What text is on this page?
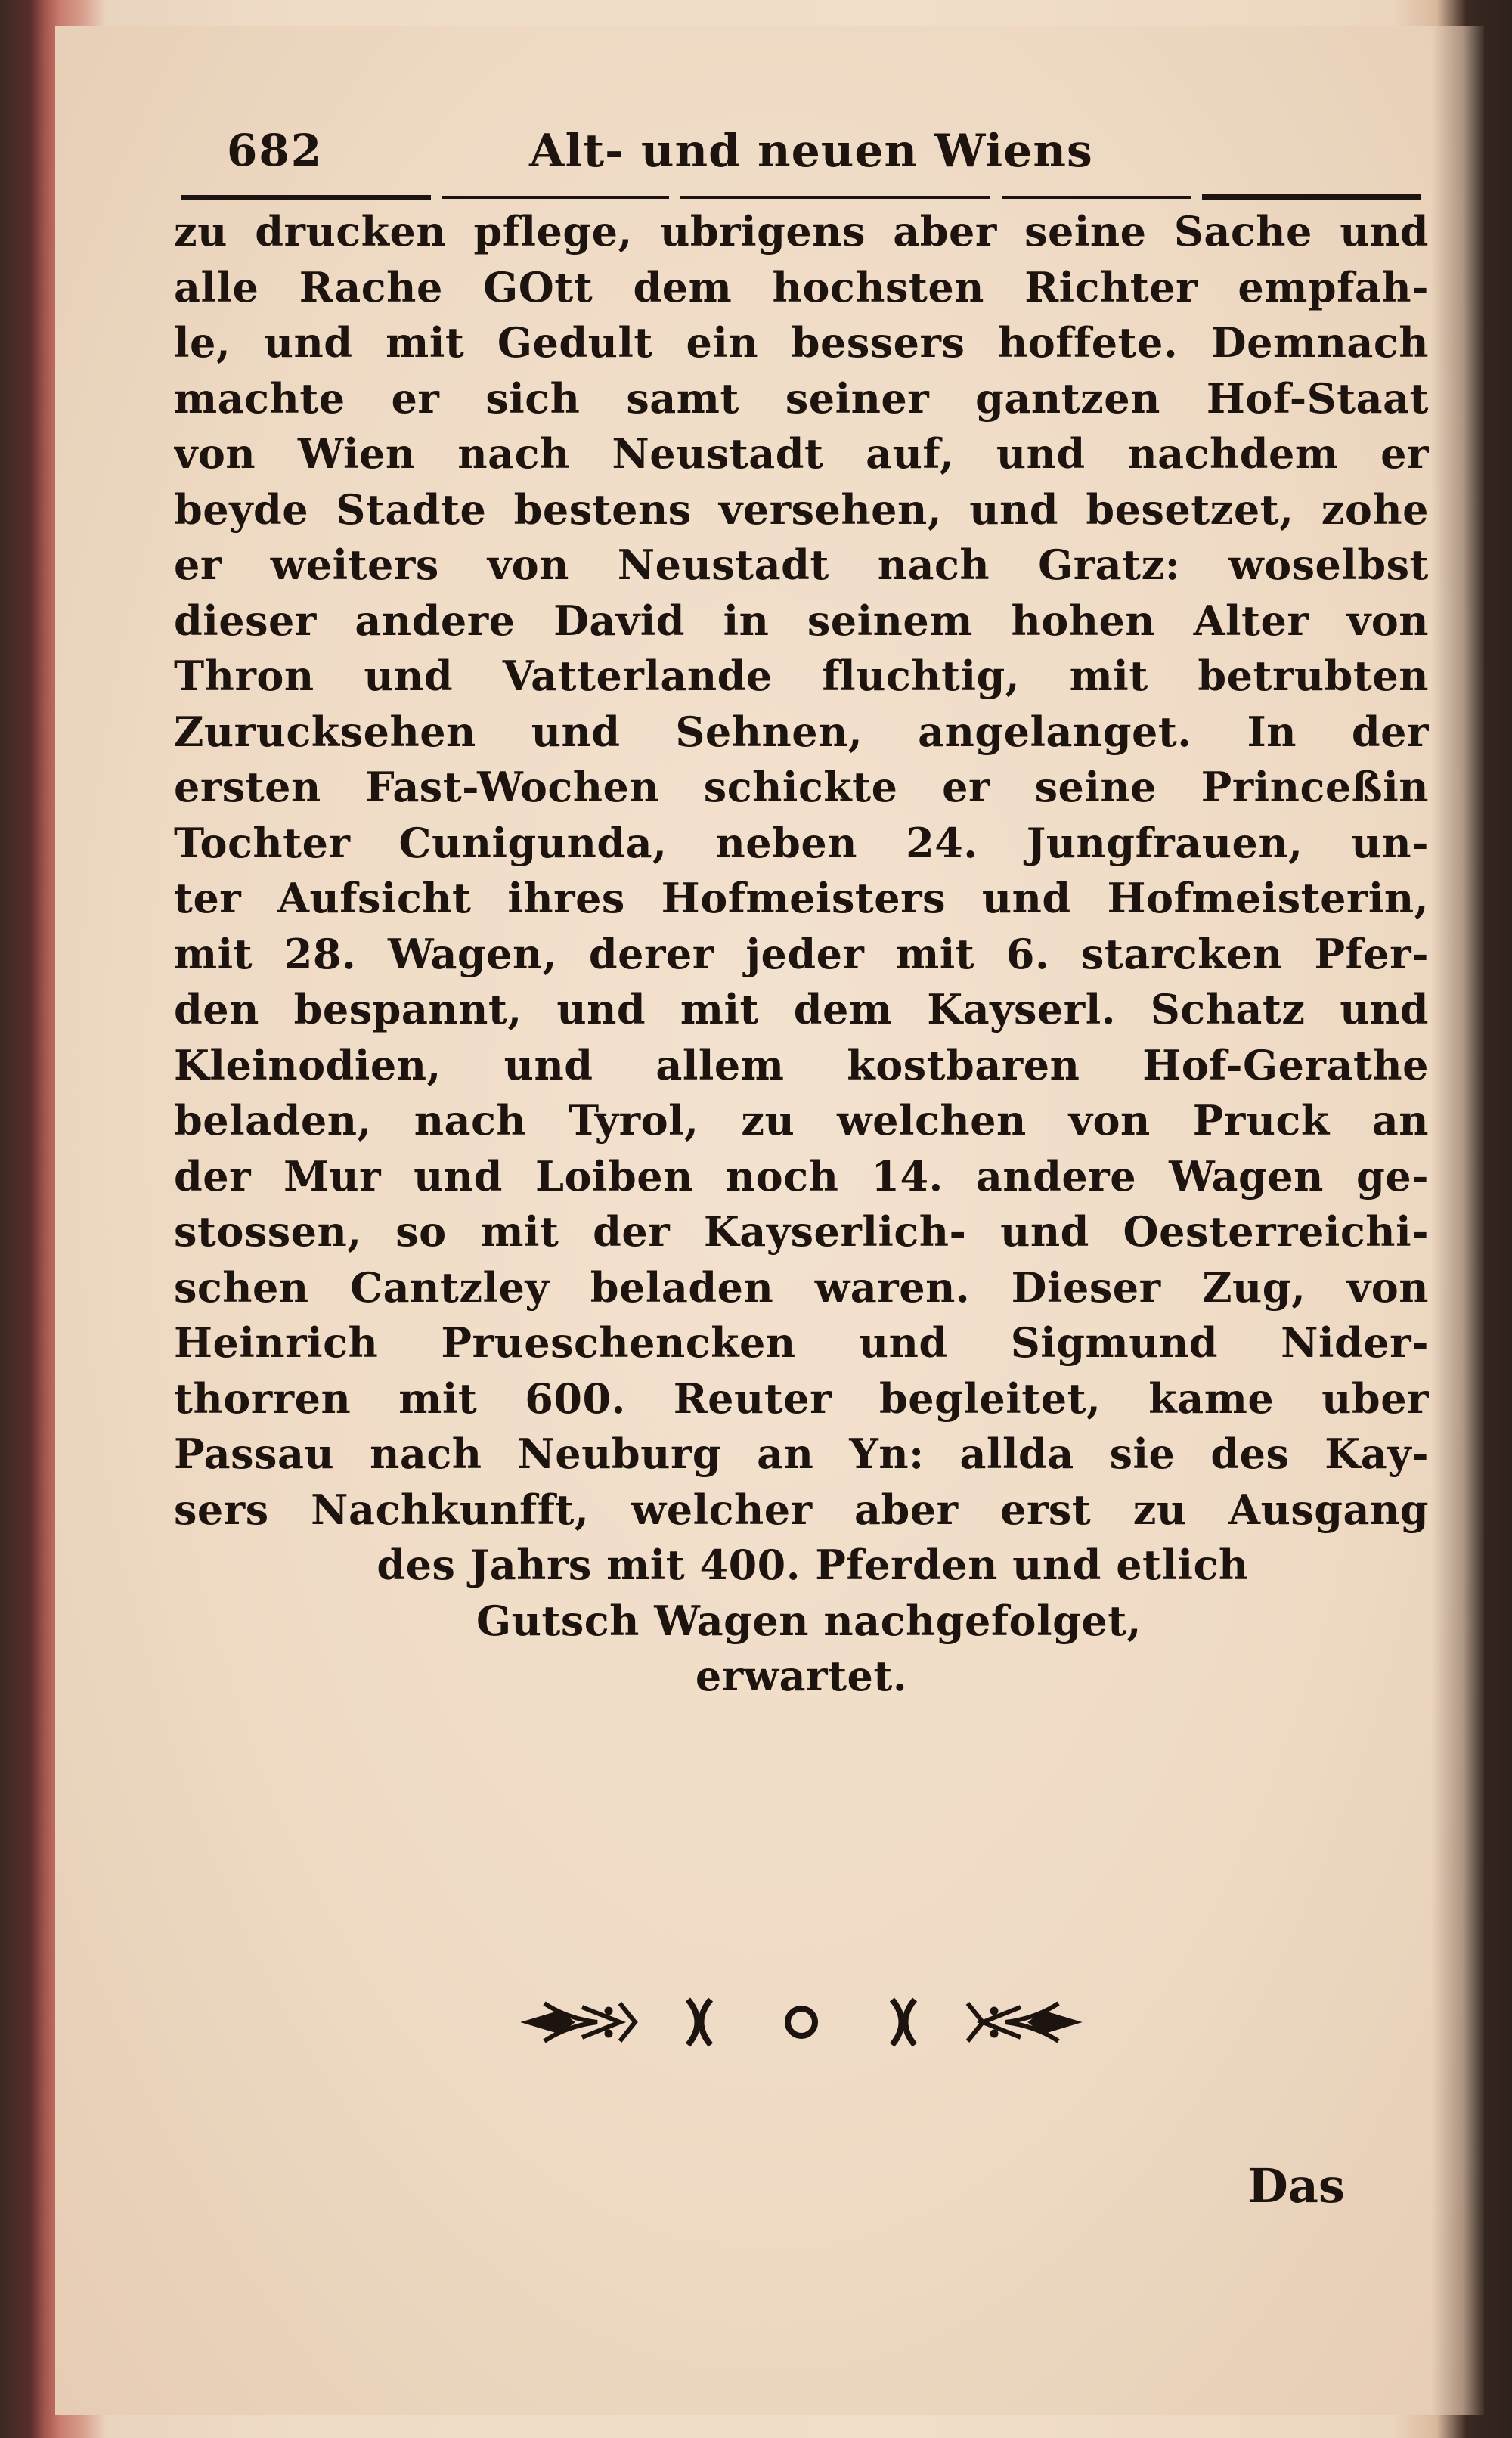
682	Alt- und neuen Wiens
zu drucken pflege, ubrigens aber seine Sache und
alle Rache GOtt dem hochsten Richter empfah-
le, und mit Gedult ein bessers hoffete. Demnach
machte er sich samt seiner gantzen Hof-Staat
von Wien nach Neustadt auf, und nachdem er
beyde Stadte bestens versehen, und besetzet, zohe
er weiters von Neustadt nach Gratz: woselbst
dieser andere David in seinem hohen Alter von
Thron und Vatterlande fluchtig, mit betrubten
Zurucksehen und Sehnen, angelanget. In der
ersten Fast-Wochen schickte er seine Princeßin
Tochter Cunigunda, neben 24. Jungfrauen, un-
ter Aufsicht ihres Hofmeisters und Hofmeisterin,
mit 28. Wagen, derer jeder mit 6. starcken Pfer-
den bespannt, und mit dem Kayserl. Schatz und
Kleinodien, und allem kostbaren Hof-Gerathe
beladen, nach Tyrol, zu welchen von Pruck an
der Mur und Loiben noch 14. andere Wagen ge-
stossen, so mit der Kayserlich- und Oesterreichi-
schen Cantzley beladen waren. Dieser Zug, von
Heinrich Prueschencken und Sigmund Nider-
thorren mit 600. Reuter begleitet, kame uber
Passau nach Neuburg an Yn: allda sie des Kay-
sers Nachkunfft, welcher aber erst zu Ausgang
des Jahrs mit 400. Pferden und etlich
Gutsch Wagen nachgefolget,
erwartet.
Das
